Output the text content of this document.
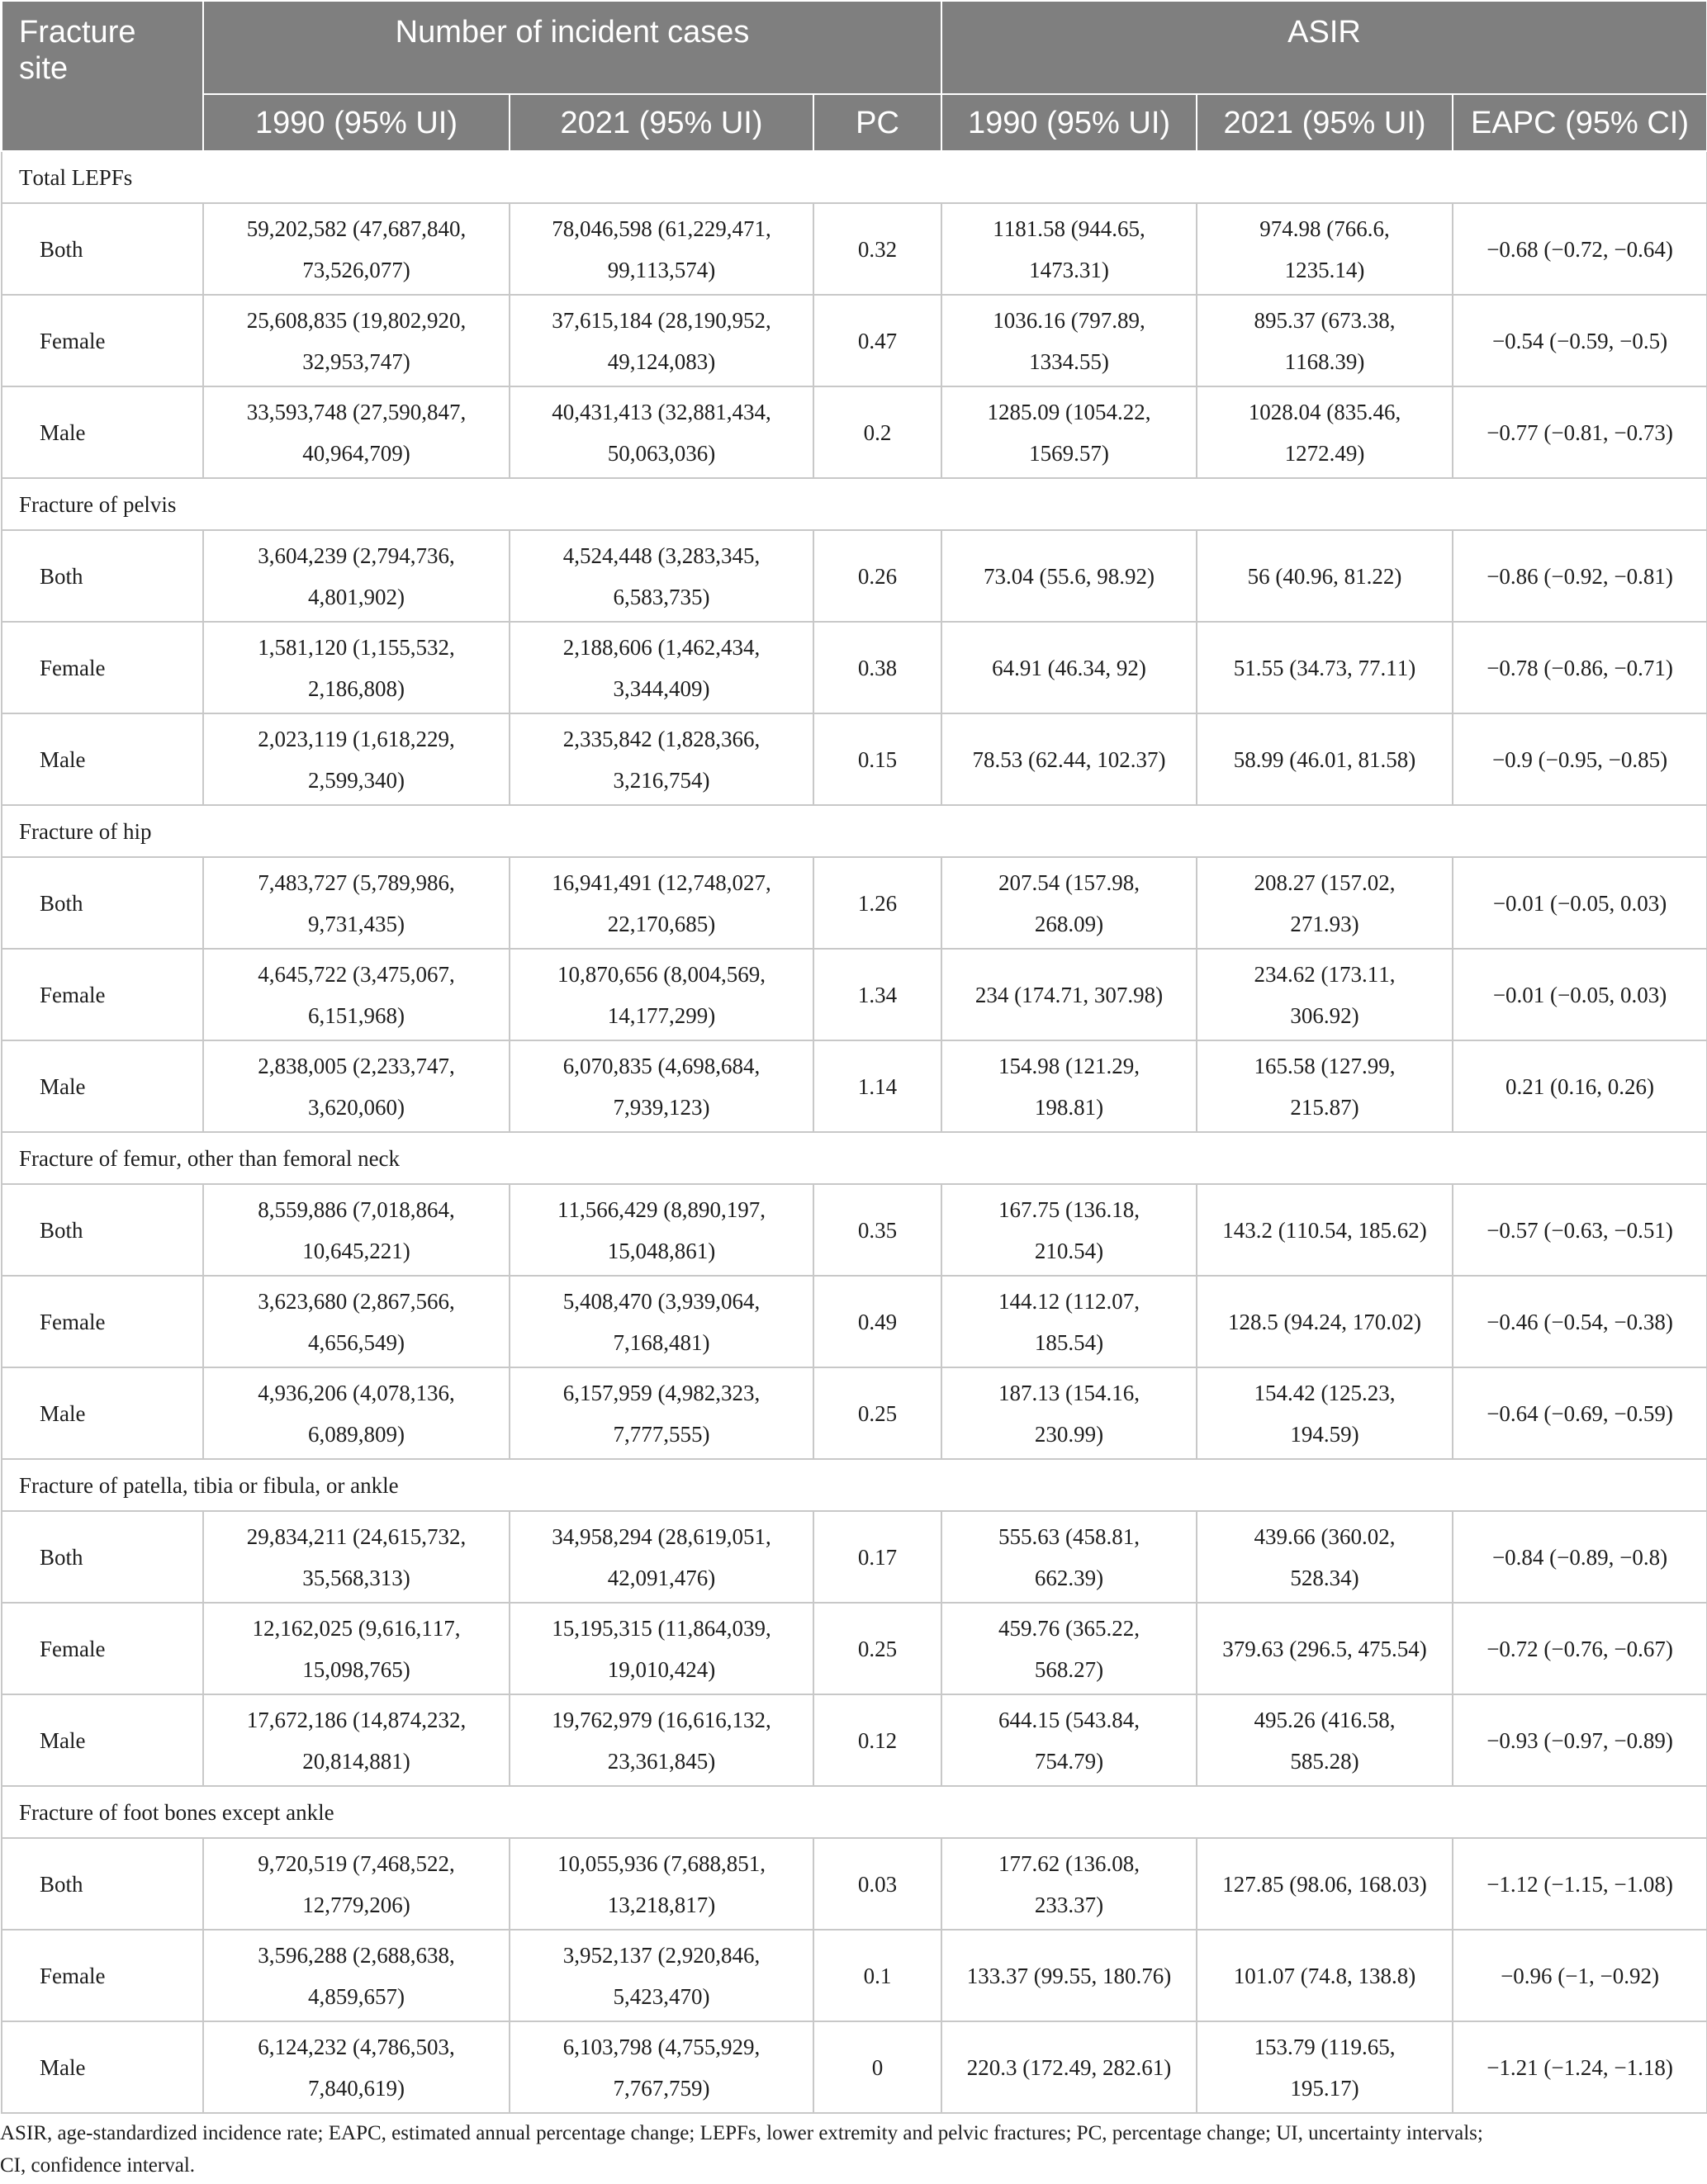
Fracture site	Number of incident cases			ASIR		
	1990 (95% UI)	2021 (95% UI)	PC	1990 (95% UI)	2021 (95% UI)	EAPC (95% CI)
Total LEPFs						
Both	59,202,582 (47,687,840, 73,526,077)	78,046,598 (61,229,471, 99,113,574)	0.32	1181.58 (944.65, 1473.31)	974.98 (766.6, 1235.14)	−0.68 (−0.72, −0.64)
Female	25,608,835 (19,802,920, 32,953,747)	37,615,184 (28,190,952, 49,124,083)	0.47	1036.16 (797.89, 1334.55)	895.37 (673.38, 1168.39)	−0.54 (−0.59, −0.5)
Male	33,593,748 (27,590,847, 40,964,709)	40,431,413 (32,881,434, 50,063,036)	0.2	1285.09 (1054.22, 1569.57)	1028.04 (835.46, 1272.49)	−0.77 (−0.81, −0.73)
Fracture of pelvis						
Both	3,604,239 (2,794,736, 4,801,902)	4,524,448 (3,283,345, 6,583,735)	0.26	73.04 (55.6, 98.92)	56 (40.96, 81.22)	−0.86 (−0.92, −0.81)
Female	1,581,120 (1,155,532, 2,186,808)	2,188,606 (1,462,434, 3,344,409)	0.38	64.91 (46.34, 92)	51.55 (34.73, 77.11)	−0.78 (−0.86, −0.71)
Male	2,023,119 (1,618,229, 2,599,340)	2,335,842 (1,828,366, 3,216,754)	0.15	78.53 (62.44, 102.37)	58.99 (46.01, 81.58)	−0.9 (−0.95, −0.85)
Fracture of hip						
Both	7,483,727 (5,789,986, 9,731,435)	16,941,491 (12,748,027, 22,170,685)	1.26	207.54 (157.98, 268.09)	208.27 (157.02, 271.93)	−0.01 (−0.05, 0.03)
Female	4,645,722 (3,475,067, 6,151,968)	10,870,656 (8,004,569, 14,177,299)	1.34	234 (174.71, 307.98)	234.62 (173.11, 306.92)	−0.01 (−0.05, 0.03)
Male	2,838,005 (2,233,747, 3,620,060)	6,070,835 (4,698,684, 7,939,123)	1.14	154.98 (121.29, 198.81)	165.58 (127.99, 215.87)	0.21 (0.16, 0.26)
Fracture of femur, other than femoral neck						
Both	8,559,886 (7,018,864, 10,645,221)	11,566,429 (8,890,197, 15,048,861)	0.35	167.75 (136.18, 210.54)	143.2 (110.54, 185.62)	−0.57 (−0.63, −0.51)
Female	3,623,680 (2,867,566, 4,656,549)	5,408,470 (3,939,064, 7,168,481)	0.49	144.12 (112.07, 185.54)	128.5 (94.24, 170.02)	−0.46 (−0.54, −0.38)
Male	4,936,206 (4,078,136, 6,089,809)	6,157,959 (4,982,323, 7,777,555)	0.25	187.13 (154.16, 230.99)	154.42 (125.23, 194.59)	−0.64 (−0.69, −0.59)
Fracture of patella, tibia or fibula, or ankle						
Both	29,834,211 (24,615,732, 35,568,313)	34,958,294 (28,619,051, 42,091,476)	0.17	555.63 (458.81, 662.39)	439.66 (360.02, 528.34)	−0.84 (−0.89, −0.8)
Female	12,162,025 (9,616,117, 15,098,765)	15,195,315 (11,864,039, 19,010,424)	0.25	459.76 (365.22, 568.27)	379.63 (296.5, 475.54)	−0.72 (−0.76, −0.67)
Male	17,672,186 (14,874,232, 20,814,881)	19,762,979 (16,616,132, 23,361,845)	0.12	644.15 (543.84, 754.79)	495.26 (416.58, 585.28)	−0.93 (−0.97, −0.89)
Fracture of foot bones except ankle						
Both	9,720,519 (7,468,522, 12,779,206)	10,055,936 (7,688,851, 13,218,817)	0.03	177.62 (136.08, 233.37)	127.85 (98.06, 168.03)	−1.12 (−1.15, −1.08)
Female	3,596,288 (2,688,638, 4,859,657)	3,952,137 (2,920,846, 5,423,470)	0.1	133.37 (99.55, 180.76)	101.07 (74.8, 138.8)	−0.96 (−1, −0.92)
Male	6,124,232 (4,786,503, 7,840,619)	6,103,798 (4,755,929, 7,767,759)	0	220.3 (172.49, 282.61)	153.79 (119.65, 195.17)	−1.21 (−1.24, −1.18)

ASIR, age-standardized incidence rate; EAPC, estimated annual percentage change; LEPFs, lower extremity and pelvic fractures; PC, percentage change; UI, uncertainty intervals; CI, confidence interval.
